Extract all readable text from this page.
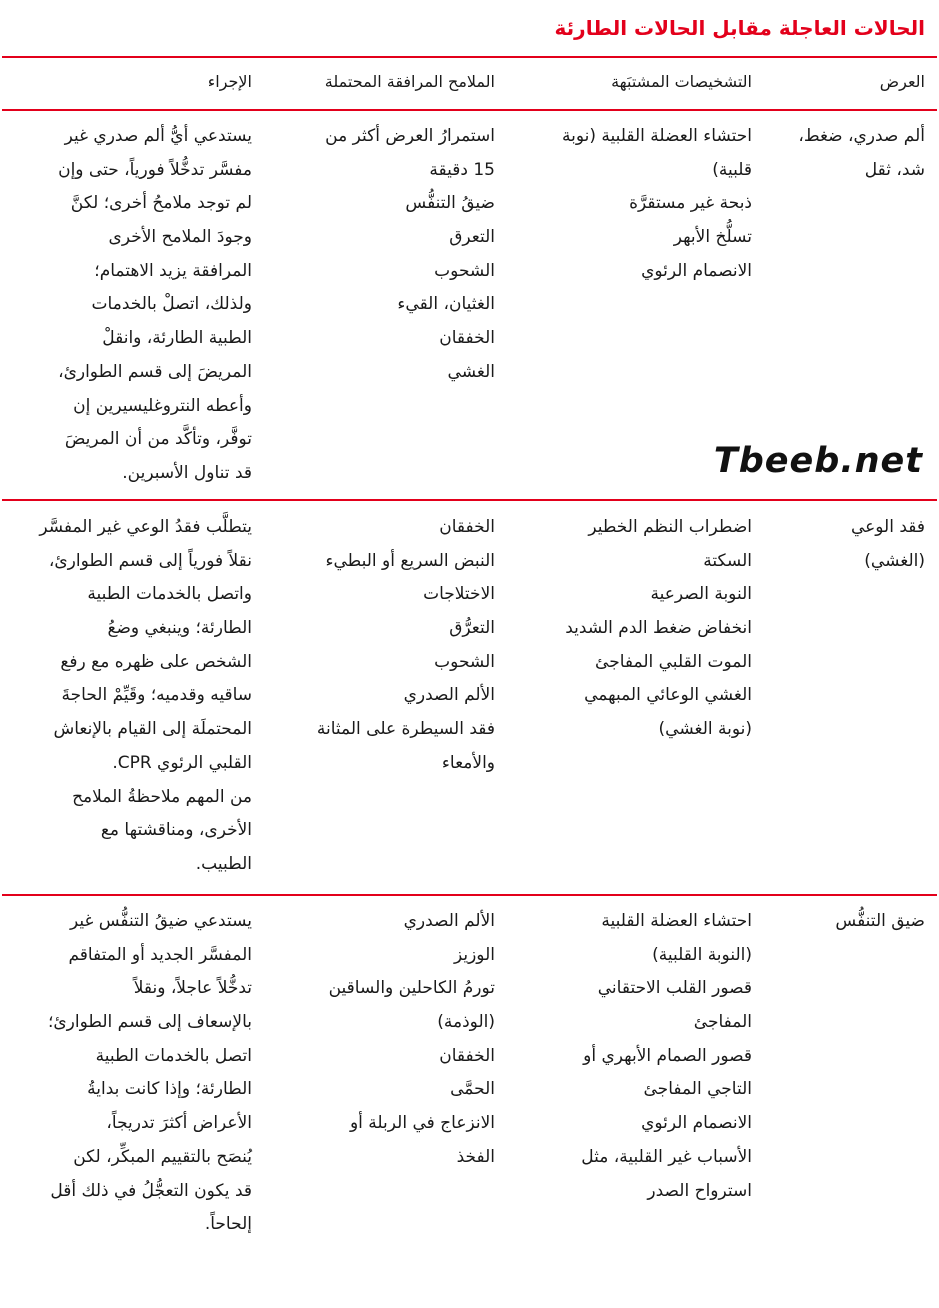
الحالات العاجلة مقابل الحالات الطارئة
العرض
التشخيصات المشتبَهة
الملامح المرافقة المحتملة
الإجراء
ألم صدري، ضغط،
شد، ثقل
احتشاء العضلة القلبية (نوبة
قلبية)
ذبحة غير مستقرَّة
تسلُّخ الأبهر
الانصمام الرئوي
استمرارُ العرض أكثر من
15 دقيقة
ضيقُ التنفُّس
التعرق
الشحوب
الغثيان، القيء
الخفقان
الغشي
يستدعي أيُّ ألم صدري غير
مفسَّر تدخُّلاً فورياً، حتى وإن
لم توجد ملامحُ أخرى؛ لكنَّ
وجودَ الملامح الأخرى
المرافقة يزيد الاهتمام؛
ولذلك، اتصلْ بالخدمات
الطبية الطارئة، وانقلْ
المريضَ إلى قسم الطوارئ،
وأعطه النتروغليسيرين إن
توفَّر، وتأكَّد من أن المريضَ
قد تناول الأسبرين.	Tbeeb.net
فقد الوعي
(الغشي)
اضطراب النظم الخطير
السكتة
النوبة الصرعية
انخفاض ضغط الدم الشديد
الموت القلبي المفاجئ
الغشي الوعائي المبهمي
(نوبة الغشي)
الخفقان
النبض السريع أو البطيء
الاختلاجات
التعرُّق
الشحوب
الألم الصدري
فقد السيطرة على المثانة
والأمعاء
يتطلَّب فقدُ الوعي غير المفسَّر
نقلاً فورياً إلى قسم الطوارئ،
واتصل بالخدمات الطبية
الطارئة؛ وينبغي وضعُ
الشخص على ظهره مع رفع
ساقيه وقدميه؛ وقَيِّمْ الحاجةَ
المحتملَة إلى القيام بالإنعاش
القلبي الرئوي CPR.
من المهم ملاحظةُ الملامح
الأخرى، ومناقشتها مع
الطبيب.
ضيق التنفُّس
احتشاء العضلة القلبية
(النوبة القلبية)
قصور القلب الاحتقاني
المفاجئ
قصور الصمام الأبهري أو
التاجي المفاجئ
الانصمام الرئوي
الأسباب غير القلبية، مثل
استرواح الصدر
الألم الصدري
الوزيز
تورمُ الكاحلين والساقين
(الوذمة)
الخفقان
الحمَّى
الانزعاج في الربلة أو
الفخذ
يستدعي ضيقُ التنفُّس غير
المفسَّر الجديد أو المتفاقم
تدخُّلاً عاجلاً، ونقلاً
بالإسعاف إلى قسم الطوارئ؛
اتصل بالخدمات الطبية
الطارئة؛ وإذا كانت بدايةُ
الأعراض أكثرَ تدريجاً،
يُنصَح بالتقييم المبكِّر، لكن
قد يكون التعجُّلُ في ذلك أقل
إلحاحاً.
